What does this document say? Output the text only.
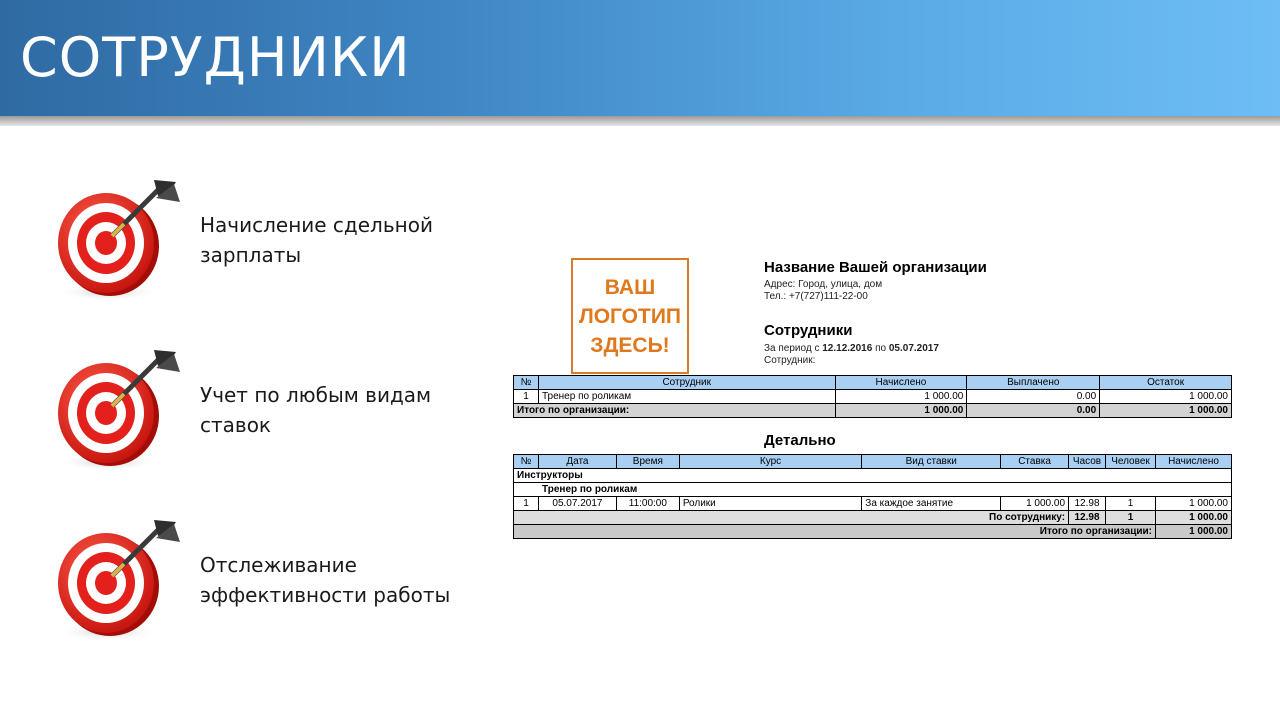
СОТРУДНИКИ
Начисление сдельной
зарплаты
Учет по любым видам
ставок
Отслеживание
эффективности работы
ВАШ
ЛОГОТИП
ЗДЕСЬ!
Название Вашей организации
Адрес: Город, улица, дом
Тел.: +7(727)111-22-00
Сотрудники
За период с 12.12.2016 по 05.07.2017
Сотрудник:
№	Сотрудник	Начислено	Выплачено	Остаток
1	Тренер по роликам	1 000.00	0.00	1 000.00
Итого по организации:		1 000.00	0.00	1 000.00
Детально
№	Дата	Время	Курс	Вид ставки	Ставка	Часов	Человек	Начислено
Инструкторы								
Тренер по роликам								
1	05.07.2017	11:00:00	Ролики	За каждое занятие	1 000.00	12.98	1	1 000.00
По сотруднику:						12.98	1	1 000.00
Итого по организации:								1 000.00
